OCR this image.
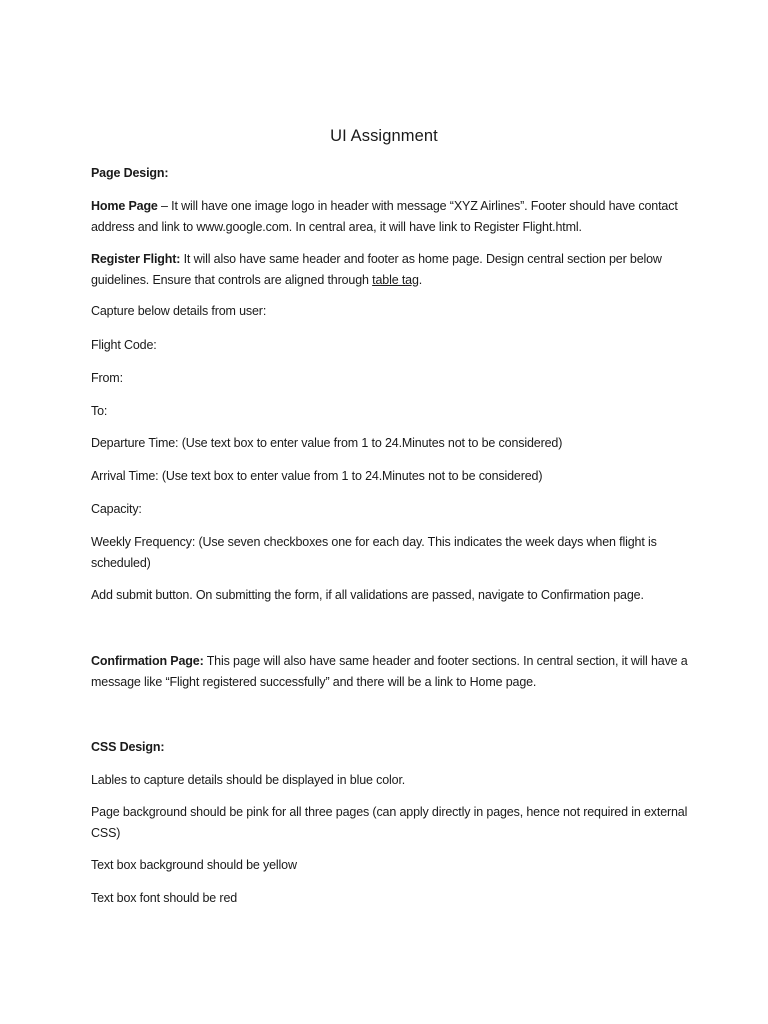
UI Assignment

Page Design:

Home Page – It will have one image logo in header with message “XYZ Airlines”. Footer should have contact address and link to www.google.com. In central area, it will have link to Register Flight.html.

Register Flight: It will also have same header and footer as home page. Design central section per below guidelines. Ensure that controls are aligned through table tag.

Capture below details from user:

Flight Code:

From:

To:

Departure Time: (Use text box to enter value from 1 to 24.Minutes not to be considered)

Arrival Time: (Use text box to enter value from 1 to 24.Minutes not to be considered)

Capacity:

Weekly Frequency: (Use seven checkboxes one for each day. This indicates the week days when flight is scheduled)

Add submit button. On submitting the form, if all validations are passed, navigate to Confirmation page.

Confirmation Page: This page will also have same header and footer sections. In central section, it will have a message like “Flight registered successfully” and there will be a link to Home page.

CSS Design:

Lables to capture details should be displayed in blue color.

Page background should be pink for all three pages (can apply directly in pages, hence not required in external CSS)

Text box background should be yellow

Text box font should be red
